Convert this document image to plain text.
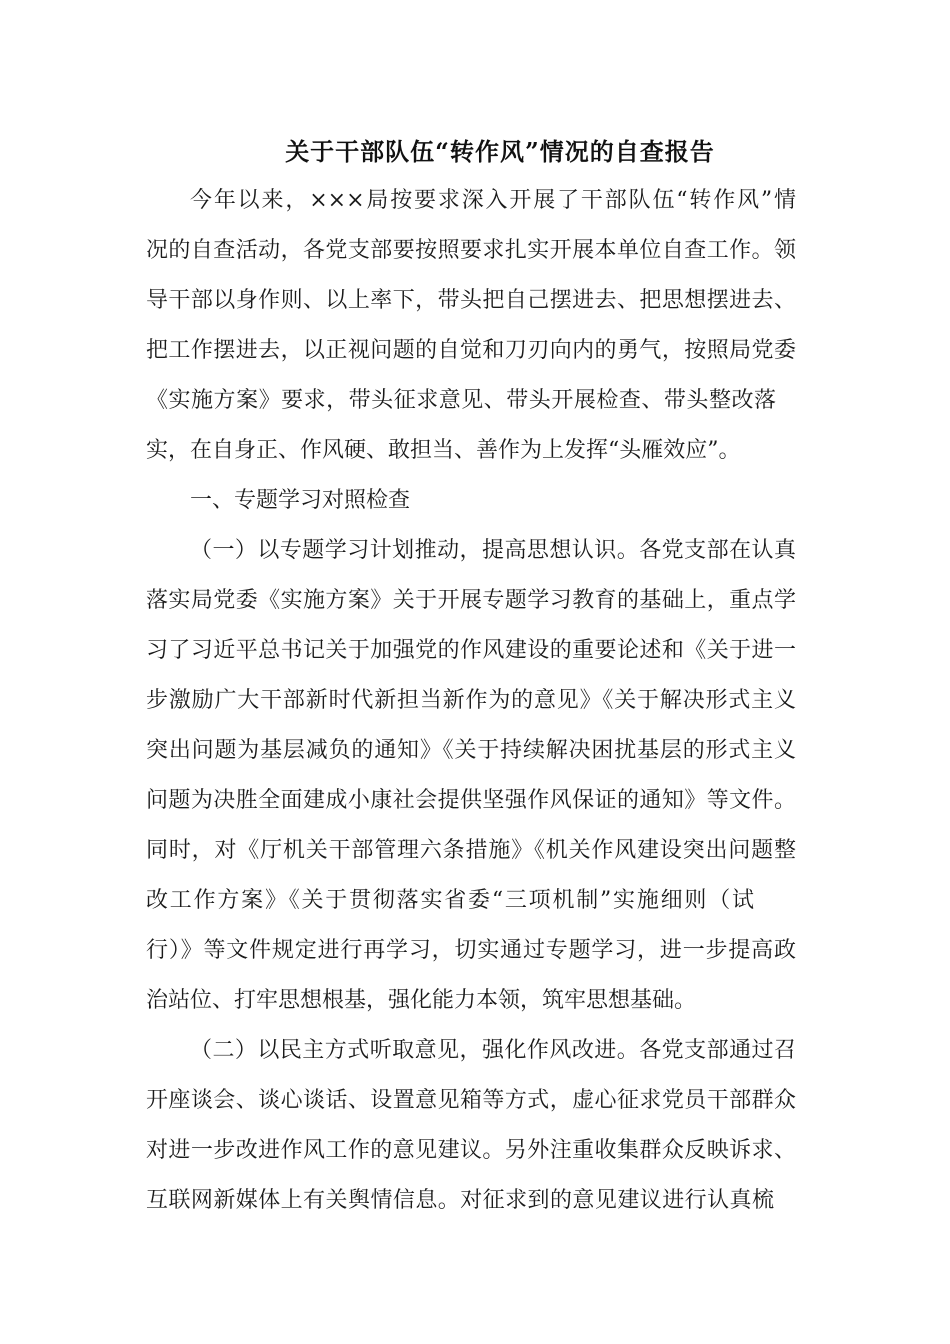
关于干部队伍“转作风”情况的自查报告
今年以来，×××局按要求深入开展了干部队伍“转作风”情
况的自查活动，各党支部要按照要求扎实开展本单位自查工作。领
导干部以身作则、以上率下，带头把自己摆进去、把思想摆进去、
把工作摆进去，以正视问题的自觉和刀刃向内的勇气，按照局党委
《实施方案》要求，带头征求意见、带头开展检查、带头整改落
实，在自身正、作风硬、敢担当、善作为上发挥“头雁效应”。
一、专题学习对照检查
（一）以专题学习计划推动，提高思想认识。各党支部在认真
落实局党委《实施方案》关于开展专题学习教育的基础上，重点学
习了习近平总书记关于加强党的作风建设的重要论述和《关于进一
步激励广大干部新时代新担当新作为的意见》《关于解决形式主义
突出问题为基层减负的通知》《关于持续解决困扰基层的形式主义
问题为决胜全面建成小康社会提供坚强作风保证的通知》等文件。
同时，对《厅机关干部管理六条措施》《机关作风建设突出问题整
改工作方案》《关于贯彻落实省委“三项机制”实施细则（试
行）》等文件规定进行再学习，切实通过专题学习，进一步提高政
治站位、打牢思想根基，强化能力本领，筑牢思想基础。
（二）以民主方式听取意见，强化作风改进。各党支部通过召
开座谈会、谈心谈话、设置意见箱等方式，虚心征求党员干部群众
对进一步改进作风工作的意见建议。另外注重收集群众反映诉求、
互联网新媒体上有关舆情信息。对征求到的意见建议进行认真梳
